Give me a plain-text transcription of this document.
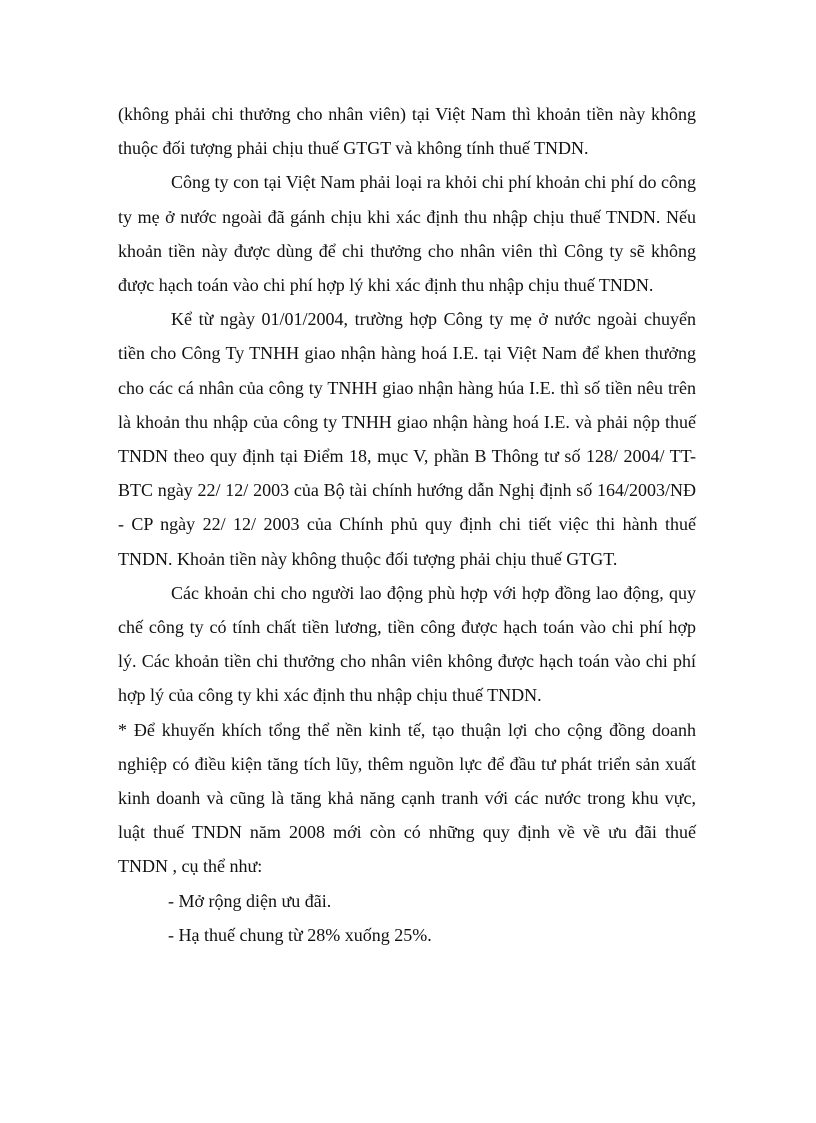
(không phải chi thưởng cho nhân viên) tại Việt Nam thì khoản tiền này không thuộc đối tượng phải chịu thuế GTGT và không tính thuế TNDN.

Công ty con tại Việt Nam phải loại ra khỏi chi phí khoản chi phí do công ty mẹ ở nước ngoài đã gánh chịu khi xác định thu nhập chịu thuế TNDN. Nếu khoản tiền này được dùng để chi thưởng cho nhân viên thì Công ty sẽ không được hạch toán vào chi phí hợp lý khi xác định thu nhập chịu thuế TNDN.

Kể từ ngày 01/01/2004, trường hợp Công ty mẹ ở nước ngoài chuyển tiền cho Công Ty TNHH giao nhận hàng hoá I.E. tại Việt Nam để khen thưởng cho các cá nhân của công ty TNHH giao nhận hàng húa I.E. thì số tiền nêu trên là khoản thu nhập của công ty TNHH giao nhận hàng hoá I.E. và phải nộp thuế TNDN theo quy định tại Điểm 18, mục V, phần B Thông tư số 128/ 2004/ TT-BTC ngày 22/ 12/ 2003 của Bộ tài chính hướng dẫn Nghị định số 164/2003/NĐ - CP ngày 22/ 12/ 2003 của Chính phủ quy định chi tiết việc thi hành thuế TNDN. Khoản tiền này không thuộc đối tượng phải chịu thuế GTGT.

Các khoản chi cho người lao động phù hợp với hợp đồng lao động, quy chế công ty có tính chất tiền lương, tiền công được hạch toán vào chi phí hợp lý. Các khoản tiền chi thưởng cho nhân viên không được hạch toán vào chi phí hợp lý của công ty khi xác định thu nhập chịu thuế TNDN.

* Để khuyến khích tổng thể nền kinh tế, tạo thuận lợi cho cộng đồng doanh nghiệp có điều kiện tăng tích lũy, thêm nguồn lực để đầu tư phát triển sản xuất kinh doanh và cũng là tăng khả năng cạnh tranh với các nước trong khu vực, luật thuế TNDN năm 2008 mới còn có những quy định về về ưu đãi thuế TNDN , cụ thể như:

- Mở rộng diện ưu đãi.

- Hạ thuế chung từ 28% xuống 25%.
